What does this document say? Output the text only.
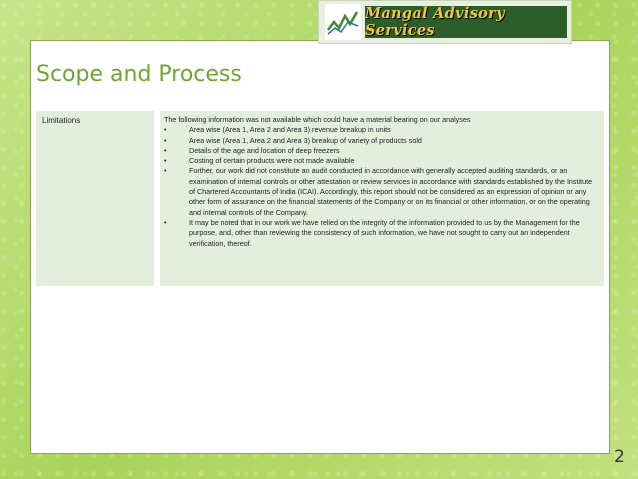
Mangal Advisory Services
Scope and Process
Limitations	The following information was not available which could have a material bearing on our analyses

•	Area wise (Area 1, Area 2 and Area 3) revenue breakup in units
•	Area wise (Area 1, Area 2 and Area 3) breakup of variety of products sold
•	Details of the age and location of deep freezers
•	Costing of certain products were not made available
•	Further, our work did not constitute an audit conducted in accordance with generally accepted auditing standards, or an examination of internal controls or other attestation or review services in accordance with standards established by the Institute of Chartered Accountants of India (ICAI). Accordingly, this report should not be considered as an expression of opinion or any other form of assurance on the financial statements of the Company or on its financial or other information, or on the operating and internal controls of the Company.
•	It may be noted that in our work we have relied on the integrity of the information provided to us by the Management for the purpose, and, other than reviewing the consistency of such information, we have not sought to carry out an independent verification, thereof.
2
